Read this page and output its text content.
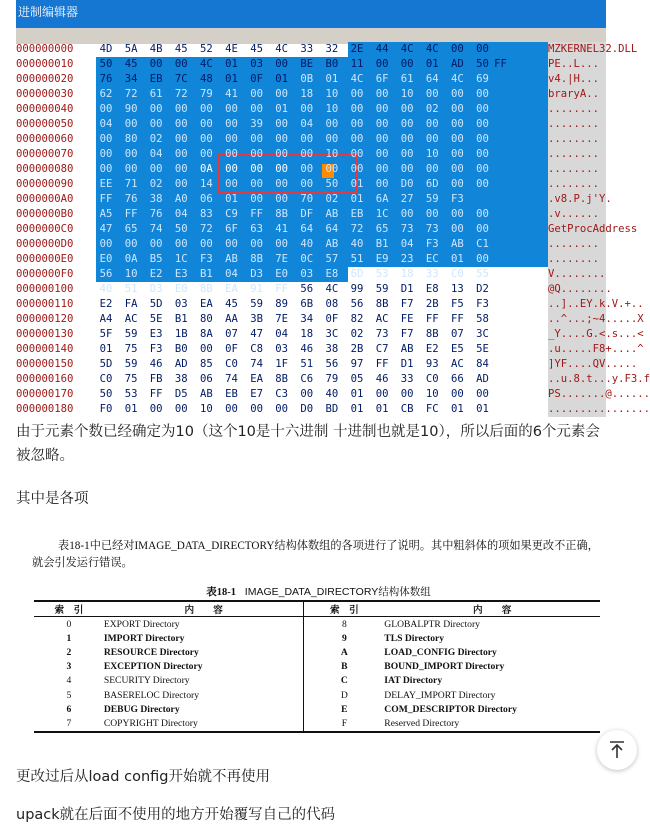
进制编辑器
000000000	4D	5A	4B	45	52	4E	45	4C	33	32	2E	44	4C	4C	00	00	MZKERNEL32.DLL
000000010	50	45	00	00	4C	01	03	00	BE	B0	11	00	00	01	AD	50 FF	PE..L...
000000020	76	34	EB	7C	48	01	0F	01	0B	01	4C	6F	61	64	4C	69	v4.|H...
000000030	62	72	61	72	79	41	00	00	18	10	00	00	10	00	00	00	braryA..
000000040	00	90	00	00	00	00	00	01	00	10	00	00	00	02	00	00	........
000000050	04	00	00	00	00	00	39	00	04	00	00	00	00	00	00	00	........
000000060	00	80	02	00	00	00	00	00	00	00	00	00	00	00	00	00	........
000000070	00	00	04	00	00	00	00	00	00	10	00	00	00	10	00	00	........
000000080	00	00	00	00	0A	00	00	00	00	00	00	00	00	00	00	00	........
000000090	EE	71	02	00	14	00	00	00	00	50	01	00	D0	6D	00	00	........
0000000A0	FF	76	38	A0	06	01	00	00	70	02	01	6A	27	59	F3	.v8.P.j'Y.
0000000B0	A5	FF	76	04	83	C9	FF	8B	DF	AB	EB	1C	00	00	00	00	.v......
0000000C0	47	65	74	50	72	6F	63	41	64	64	72	65	73	73	00	00	GetProcAddress
0000000D0	00	00	00	00	00	00	00	00	40	AB	40	B1	04	F3	AB	C1	........
0000000E0	E0	0A	B5	1C	F3	AB	8B	7E	0C	57	51	E9	23	EC	01	00	........
0000000F0	56	10	E2	E3	B1	04	D3	E0	03	E8	6D	53	18	33	C0	55	V........
000000100	40	51	D3	E0	8B	EA	91	FF	56	4C	99	59	D1	E8	13	D2	@Q........
000000110	E2	FA	5D	03	EA	45	59	89	6B	08	56	8B	F7	2B	F5	F3	..]..EY.k.V.+..
000000120	A4	AC	5E	B1	80	AA	3B	7E	34	0F	82	AC	FE	FF	FF	58	..^...;~4.....X
000000130	5F	59	E3	1B	8A	07	47	04	18	3C	02	73	F7	8B	07	3C	_Y....G.<.s...<
000000140	01	75	F3	B0	00	0F	C8	03	46	38	2B	C7	AB	E2	E5	5E	.u.....F8+....^
000000150	5D	59	46	AD	85	C0	74	1F	51	56	97	FF	D1	93	AC	84	]YF....QV.....
000000160	C0	75	FB	38	06	74	EA	8B	C6	79	05	46	33	C0	66	AD	..u.8.t...y.F3.f
000000170	50	53	FF	D5	AB	EB	E7	C3	00	40	01	00	00	10	00	00	PS.......@......
000000180	F0	01	00	00	10	00	00	00	D0	BD	01	01	CB	FC	01	01	................
由于元素个数已经确定为10（这个10是十六进制 十进制也就是10），所以后面的6个元素会被忽略。
其中是各项

表18-1中已经对IMAGE_DATA_DIRECTORY结构体数组的各项进行了说明。其中粗斜体的项如果更改不正确，就会引发运行错误。

表18-1 IMAGE_DATA_DIRECTORY结构体数组
索　引	内　　容	索　引	内　　容
0	EXPORT Directory	8	GLOBALPTR Directory
1	IMPORT Directory	9	TLS Directory
2	RESOURCE Directory	A	LOAD_CONFIG Directory
3	EXCEPTION Directory	B	BOUND_IMPORT Directory
4	SECURITY Directory	C	IAT Directory
5	BASERELOC Directory	D	DELAY_IMPORT Directory
6	DEBUG Directory	E	COM_DESCRIPTOR Directory
7	COPYRIGHT Directory	F	Reserved Directory
更改过后从load config开始就不再使用
upack就在后面不使用的地方开始覆写自己的代码
